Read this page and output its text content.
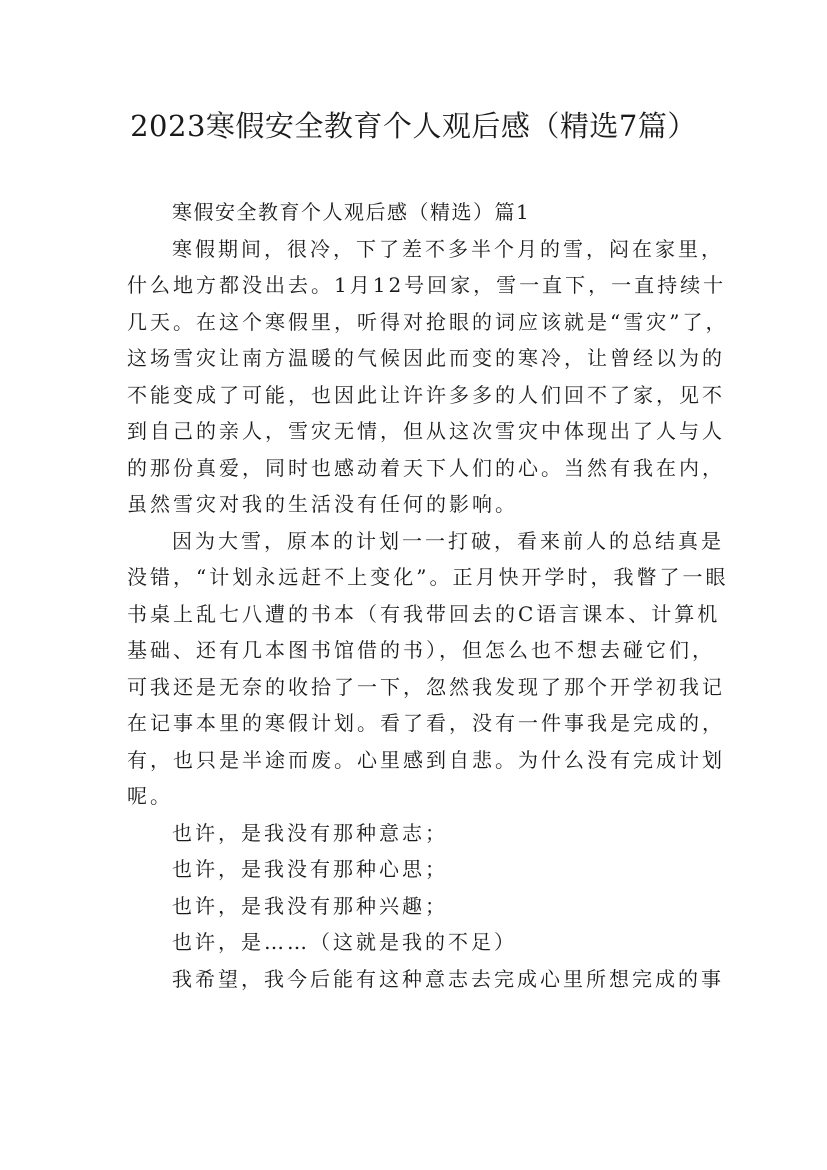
2023寒假安全教育个人观后感（精选7篇）
寒假安全教育个人观后感（精选）篇1
寒假期间，很冷，下了差不多半个月的雪，闷在家里，
什么地方都没出去。1月12号回家，雪一直下，一直持续十
几天。在这个寒假里，听得对抢眼的词应该就是“雪灾”了，
这场雪灾让南方温暖的气候因此而变的寒冷，让曾经以为的
不能变成了可能，也因此让许许多多的人们回不了家，见不
到自己的亲人，雪灾无情，但从这次雪灾中体现出了人与人
的那份真爱，同时也感动着天下人们的心。当然有我在内，
虽然雪灾对我的生活没有任何的影响。
因为大雪，原本的计划一一打破，看来前人的总结真是
没错，“计划永远赶不上变化”。正月快开学时，我瞥了一眼
书桌上乱七八遭的书本（有我带回去的C语言课本、计算机
基础、还有几本图书馆借的书），但怎么也不想去碰它们，
可我还是无奈的收拾了一下，忽然我发现了那个开学初我记
在记事本里的寒假计划。看了看，没有一件事我是完成的，
有，也只是半途而废。心里感到自悲。为什么没有完成计划
呢。
也许，是我没有那种意志；
也许，是我没有那种心思；
也许，是我没有那种兴趣；
也许，是……（这就是我的不足）
我希望，我今后能有这种意志去完成心里所想完成的事
